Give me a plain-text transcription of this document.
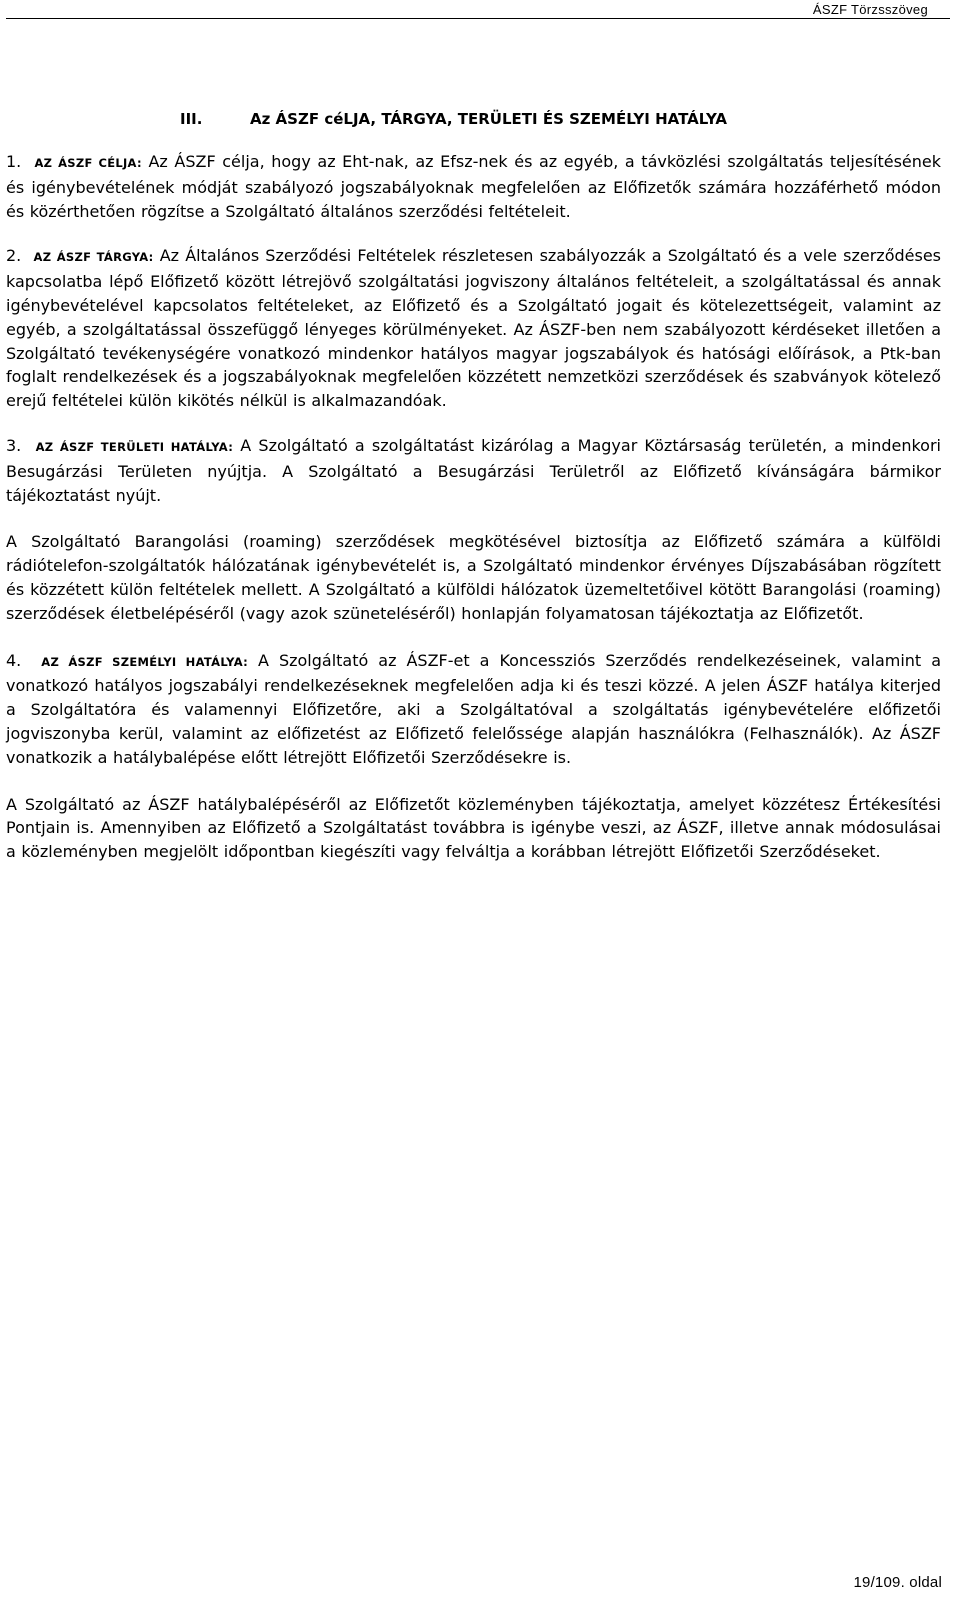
ÁSZF Törzsszöveg
III.	Az ÁSZF céLJA, TÁRGYA, TERÜLETI ÉS SZEMÉLYI HATÁLYA

1. AZ ÁSZF CÉLJA: Az ÁSZF célja, hogy az Eht-nak, az Efsz-nek és az egyéb, a távközlési szolgáltatás teljesítésének és igénybevételének módját szabályozó jogszabályoknak megfelelően az Előfizetők számára hozzáférhető módon és közérthetően rögzítse a Szolgáltató általános szerződési feltételeit.

2. AZ ÁSZF TÁRGYA: Az Általános Szerződési Feltételek részletesen szabályozzák a Szolgáltató és a vele szerződéses kapcsolatba lépő Előfizető között létrejövő szolgáltatási jogviszony általános feltételeit, a szolgáltatással és annak igénybevételével kapcsolatos feltételeket, az Előfizető és a Szolgáltató jogait és kötelezettségeit, valamint az egyéb, a szolgáltatással összefüggő lényeges körülményeket. Az ÁSZF-ben nem szabályozott kérdéseket illetően a Szolgáltató tevékenységére vonatkozó mindenkor hatályos magyar jogszabályok és hatósági előírások, a Ptk-ban foglalt rendelkezések és a jogszabályoknak megfelelően közzétett nemzetközi szerződések és szabványok kötelező erejű feltételei külön kikötés nélkül is alkalmazandóak.

3. AZ ÁSZF TERÜLETI HATÁLYA: A Szolgáltató a szolgáltatást kizárólag a Magyar Köztársaság területén, a mindenkori Besugárzási Területen nyújtja. A Szolgáltató a Besugárzási Területről az Előfizető kívánságára bármikor tájékoztatást nyújt.

A Szolgáltató Barangolási (roaming) szerződések megkötésével biztosítja az Előfizető számára a külföldi rádiótelefon-szolgáltatók hálózatának igénybevételét is, a Szolgáltató mindenkor érvényes Díjszabásában rögzített és közzétett külön feltételek mellett. A Szolgáltató a külföldi hálózatok üzemeltetőivel kötött Barangolási (roaming) szerződések életbelépéséről (vagy azok szüneteléséről) honlapján folyamatosan tájékoztatja az Előfizetőt.

4. AZ ÁSZF SZEMÉLYI HATÁLYA: A Szolgáltató az ÁSZF-et a Koncessziós Szerződés rendelkezéseinek, valamint a vonatkozó hatályos jogszabályi rendelkezéseknek megfelelően adja ki és teszi közzé. A jelen ÁSZF hatálya kiterjed a Szolgáltatóra és valamennyi Előfizetőre, aki a Szolgáltatóval a szolgáltatás igénybevételére előfizetői jogviszonyba kerül, valamint az előfizetést az Előfizető felelőssége alapján használókra (Felhasználók). Az ÁSZF vonatkozik a hatálybalépése előtt létrejött Előfizetői Szerződésekre is.

A Szolgáltató az ÁSZF hatálybalépéséről az Előfizetőt közleményben tájékoztatja, amelyet közzétesz Értékesítési Pontjain is. Amennyiben az Előfizető a Szolgáltatást továbbra is igénybe veszi, az ÁSZF, illetve annak módosulásai a közleményben megjelölt időpontban kiegészíti vagy felváltja a korábban létrejött Előfizetői Szerződéseket.

19/109. oldal
